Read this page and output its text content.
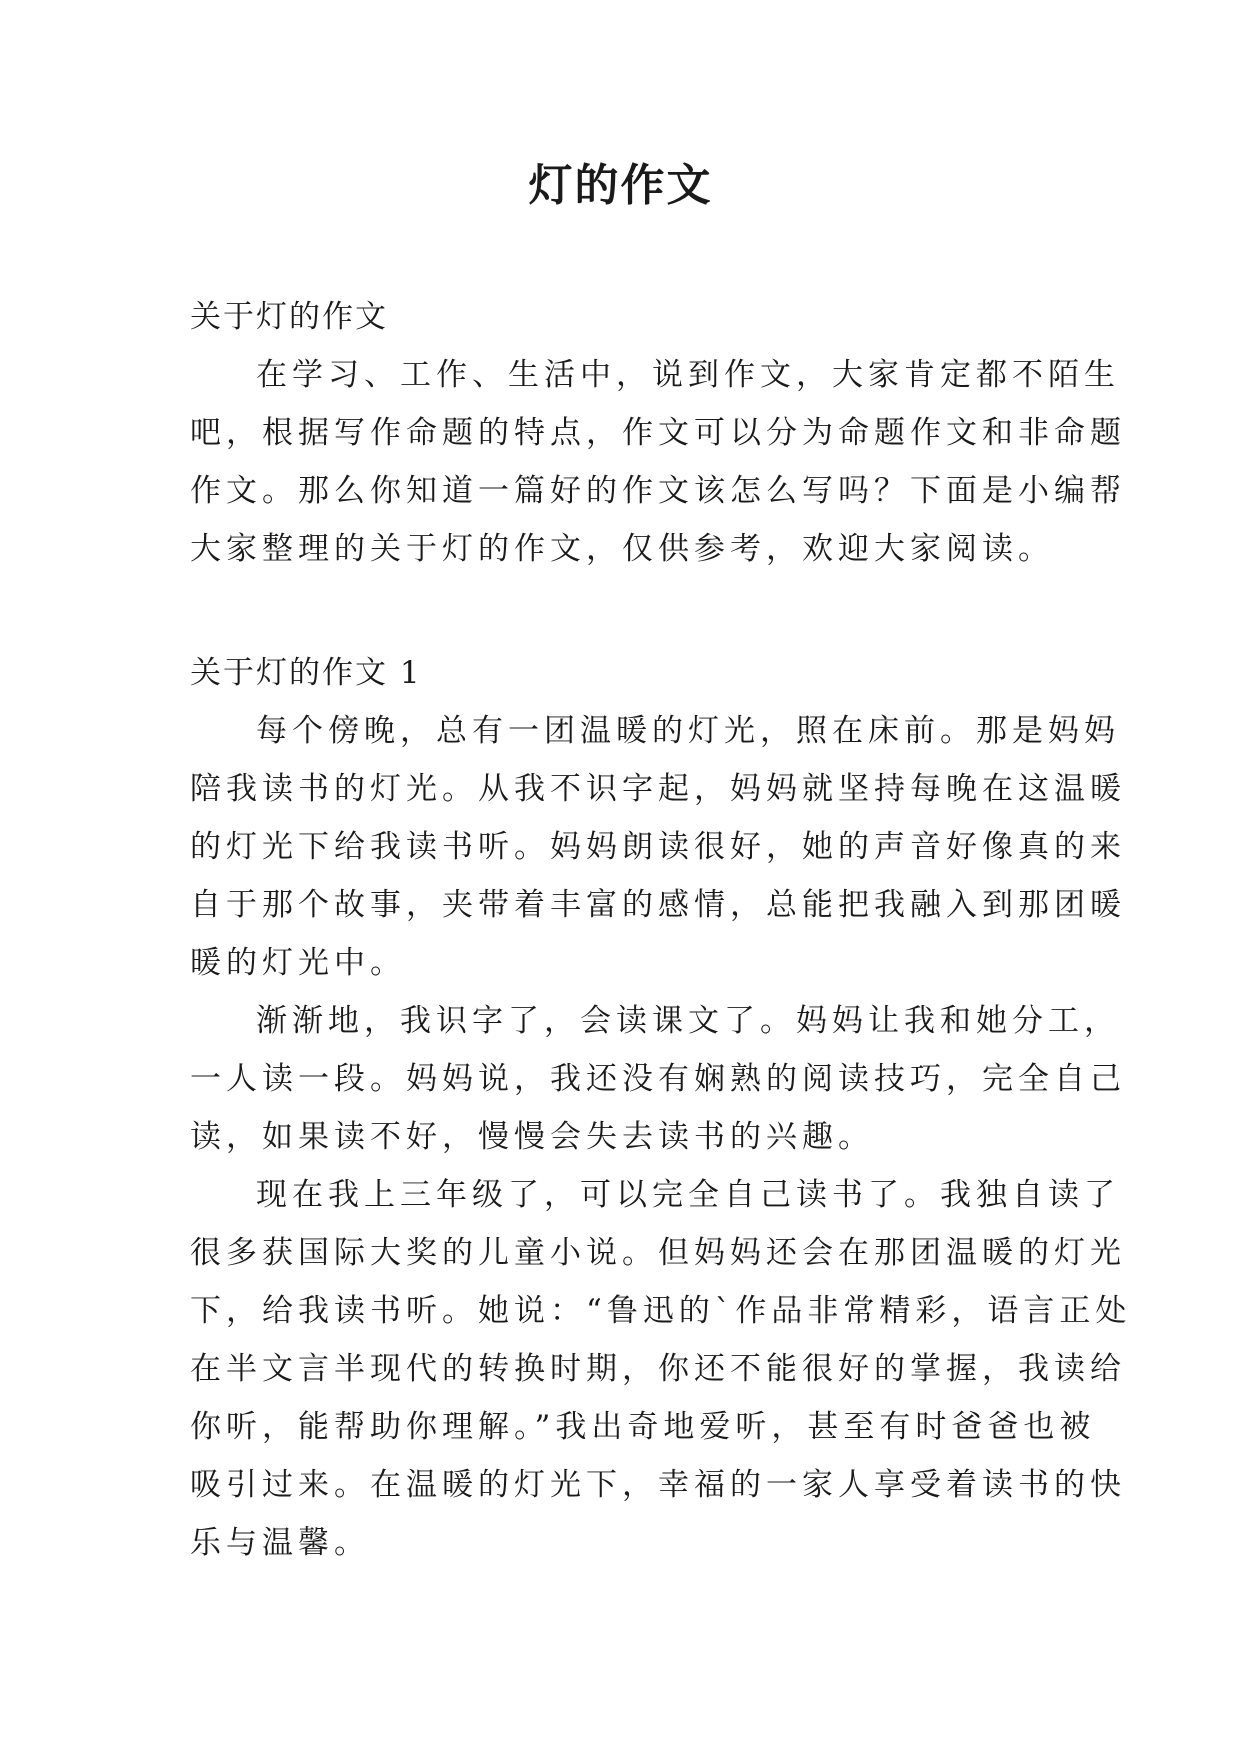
灯的作文
关于灯的作文

在学习、工作、生活中，说到作文，大家肯定都不陌生
吧，根据写作命题的特点，作文可以分为命题作文和非命题
作文。那么你知道一篇好的作文该怎么写吗？下面是小编帮
大家整理的关于灯的作文，仅供参考，欢迎大家阅读。

关于灯的作文 1

每个傍晚，总有一团温暖的灯光，照在床前。那是妈妈
陪我读书的灯光。从我不识字起，妈妈就坚持每晚在这温暖
的灯光下给我读书听。妈妈朗读很好，她的声音好像真的来
自于那个故事，夹带着丰富的感情，总能把我融入到那团暖
暖的灯光中。

渐渐地，我识字了，会读课文了。妈妈让我和她分工，
一人读一段。妈妈说，我还没有娴熟的阅读技巧，完全自己
读，如果读不好，慢慢会失去读书的兴趣。

现在我上三年级了，可以完全自己读书了。我独自读了
很多获国际大奖的儿童小说。但妈妈还会在那团温暖的灯光
下，给我读书听。她说：“鲁迅的`作品非常精彩，语言正处
在半文言半现代的转换时期，你还不能很好的掌握，我读给
你听，能帮助你理解。”我出奇地爱听，甚至有时爸爸也被
吸引过来。在温暖的灯光下，幸福的一家人享受着读书的快
乐与温馨。
